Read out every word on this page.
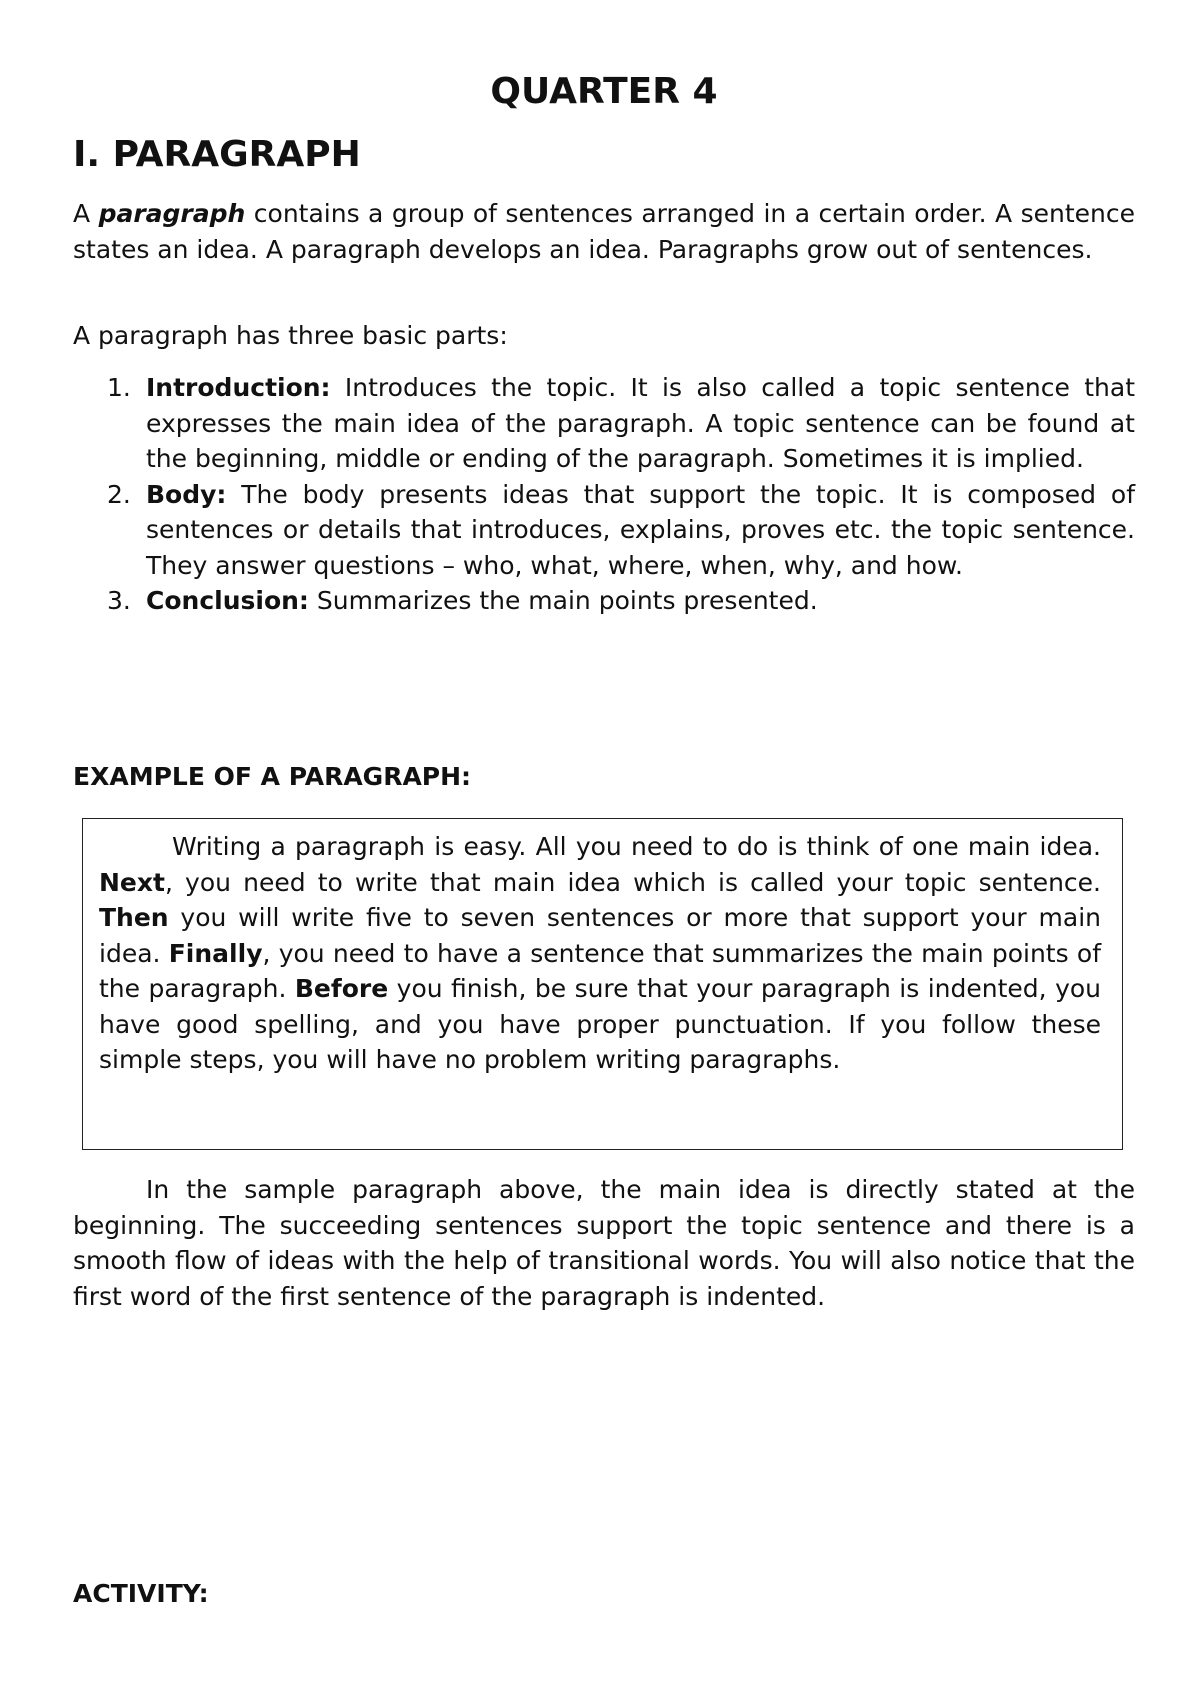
QUARTER 4
I. PARAGRAPH

A paragraph contains a group of sentences arranged in a certain order. A sentence states an idea. A paragraph develops an idea. Paragraphs grow out of sentences.

A paragraph has three basic parts:

1. Introduction: Introduces the topic. It is also called a topic sentence that expresses the main idea of the paragraph. A topic sentence can be found at the beginning, middle or ending of the paragraph. Sometimes it is implied.
2. Body: The body presents ideas that support the topic. It is composed of sentences or details that introduces, explains, proves etc. the topic sentence. They answer questions – who, what, where, when, why, and how.
3. Conclusion: Summarizes the main points presented.
EXAMPLE OF A PARAGRAPH:

Writing a paragraph is easy. All you need to do is think of one main idea. Next, you need to write that main idea which is called your topic sentence. Then you will write five to seven sentences or more that support your main idea. Finally, you need to have a sentence that summarizes the main points of the paragraph. Before you finish, be sure that your paragraph is indented, you have good spelling, and you have proper punctuation. If you follow these simple steps, you will have no problem writing paragraphs.

In the sample paragraph above, the main idea is directly stated at the beginning. The succeeding sentences support the topic sentence and there is a smooth flow of ideas with the help of transitional words. You will also notice that the first word of the first sentence of the paragraph is indented.

ACTIVITY:
